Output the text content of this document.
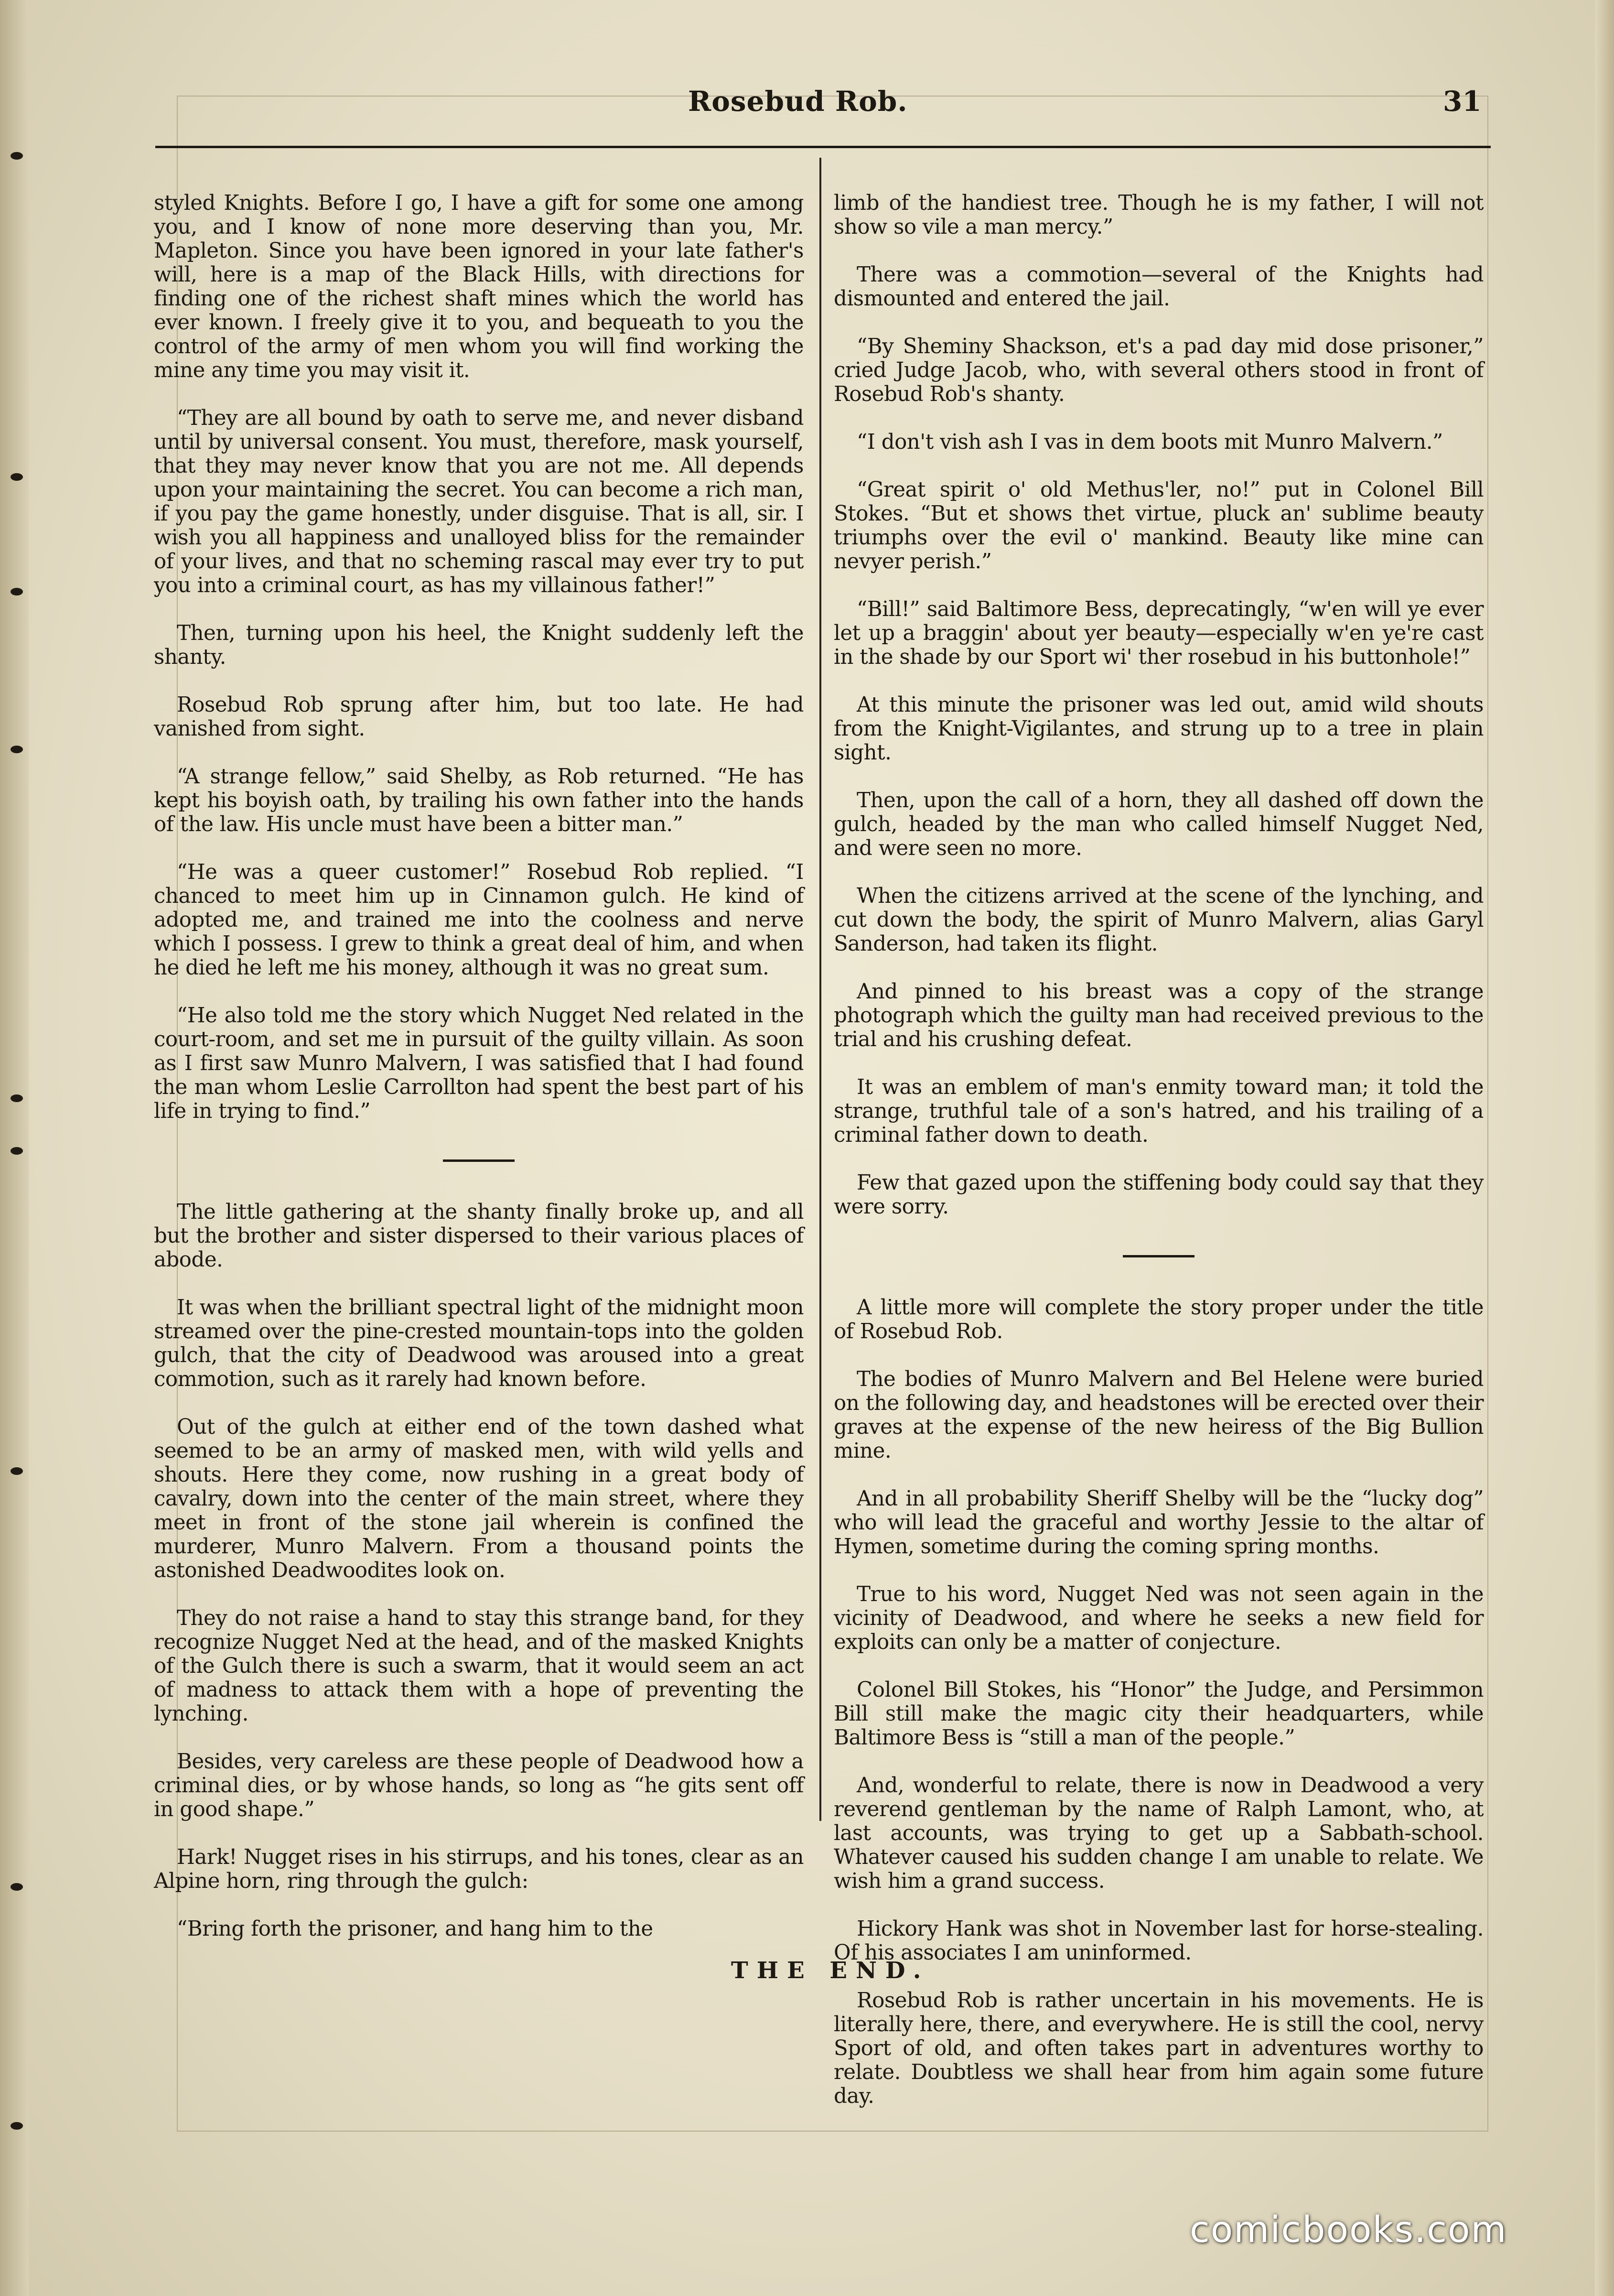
Rosebud Rob.	31

styled Knights. Before I go, I have a gift for some one among you, and I know of none more deserving than you, Mr. Mapleton. Since you have been ignored in your late father's will, here is a map of the Black Hills, with directions for finding one of the richest shaft mines which the world has ever known. I freely give it to you, and bequeath to you the control of the army of men whom you will find working the mine any time you may visit it.

“They are all bound by oath to serve me, and never disband until by universal consent. You must, therefore, mask yourself, that they may never know that you are not me. All depends upon your maintaining the secret. You can become a rich man, if you pay the game honestly, under disguise. That is all, sir. I wish you all happiness and unalloyed bliss for the remainder of your lives, and that no scheming rascal may ever try to put you into a criminal court, as has my villainous father!”

Then, turning upon his heel, the Knight suddenly left the shanty.

Rosebud Rob sprung after him, but too late. He had vanished from sight.

“A strange fellow,” said Shelby, as Rob returned. “He has kept his boyish oath, by trailing his own father into the hands of the law. His uncle must have been a bitter man.”

“He was a queer customer!” Rosebud Rob replied. “I chanced to meet him up in Cinnamon gulch. He kind of adopted me, and trained me into the coolness and nerve which I possess. I grew to think a great deal of him, and when he died he left me his money, although it was no great sum.

“He also told me the story which Nugget Ned related in the court-room, and set me in pursuit of the guilty villain. As soon as I first saw Munro Malvern, I was satisfied that I had found the man whom Leslie Carrollton had spent the best part of his life in trying to find.”

The little gathering at the shanty finally broke up, and all but the brother and sister dispersed to their various places of abode.

It was when the brilliant spectral light of the midnight moon streamed over the pine-crested mountain-tops into the golden gulch, that the city of Deadwood was aroused into a great commotion, such as it rarely had known before.

Out of the gulch at either end of the town dashed what seemed to be an army of masked men, with wild yells and shouts. Here they come, now rushing in a great body of cavalry, down into the center of the main street, where they meet in front of the stone jail wherein is confined the murderer, Munro Malvern. From a thousand points the astonished Deadwoodites look on.

They do not raise a hand to stay this strange band, for they recognize Nugget Ned at the head, and of the masked Knights of the Gulch there is such a swarm, that it would seem an act of madness to attack them with a hope of preventing the lynching.

Besides, very careless are these people of Deadwood how a criminal dies, or by whose hands, so long as “he gits sent off in good shape.”

Hark! Nugget rises in his stirrups, and his tones, clear as an Alpine horn, ring through the gulch:

“Bring forth the prisoner, and hang him to the

limb of the handiest tree. Though he is my father, I will not show so vile a man mercy.”

There was a commotion—several of the Knights had dismounted and entered the jail.

“By Sheminy Shackson, et's a pad day mid dose prisoner,” cried Judge Jacob, who, with several others stood in front of Rosebud Rob's shanty.

“I don't vish ash I vas in dem boots mit Munro Malvern.”

“Great spirit o' old Methus'ler, no!” put in Colonel Bill Stokes. “But et shows thet virtue, pluck an' sublime beauty triumphs over the evil o' mankind. Beauty like mine can nevyer perish.”

“Bill!” said Baltimore Bess, deprecatingly, “w'en will ye ever let up a braggin' about yer beauty—especially w'en ye're cast in the shade by our Sport wi' ther rosebud in his buttonhole!”

At this minute the prisoner was led out, amid wild shouts from the Knight-Vigilantes, and strung up to a tree in plain sight.

Then, upon the call of a horn, they all dashed off down the gulch, headed by the man who called himself Nugget Ned, and were seen no more.

When the citizens arrived at the scene of the lynching, and cut down the body, the spirit of Munro Malvern, alias Garyl Sanderson, had taken its flight.

And pinned to his breast was a copy of the strange photograph which the guilty man had received previous to the trial and his crushing defeat.

It was an emblem of man's enmity toward man; it told the strange, truthful tale of a son's hatred, and his trailing of a criminal father down to death.

Few that gazed upon the stiffening body could say that they were sorry.

A little more will complete the story proper under the title of Rosebud Rob.

The bodies of Munro Malvern and Bel Helene were buried on the following day, and headstones will be erected over their graves at the expense of the new heiress of the Big Bullion mine.

And in all probability Sheriff Shelby will be the “lucky dog” who will lead the graceful and worthy Jessie to the altar of Hymen, sometime during the coming spring months.

True to his word, Nugget Ned was not seen again in the vicinity of Deadwood, and where he seeks a new field for exploits can only be a matter of conjecture.

Colonel Bill Stokes, his “Honor” the Judge, and Persimmon Bill still make the magic city their headquarters, while Baltimore Bess is “still a man of the people.”

And, wonderful to relate, there is now in Deadwood a very reverend gentleman by the name of Ralph Lamont, who, at last accounts, was trying to get up a Sabbath-school. Whatever caused his sudden change I am unable to relate. We wish him a grand success.

Hickory Hank was shot in November last for horse-stealing. Of his associates I am uninformed.

Rosebud Rob is rather uncertain in his movements. He is literally here, there, and everywhere. He is still the cool, nervy Sport of old, and often takes part in adventures worthy to relate. Doubtless we shall hear from him again some future day.

THE END.
comicbooks.com
